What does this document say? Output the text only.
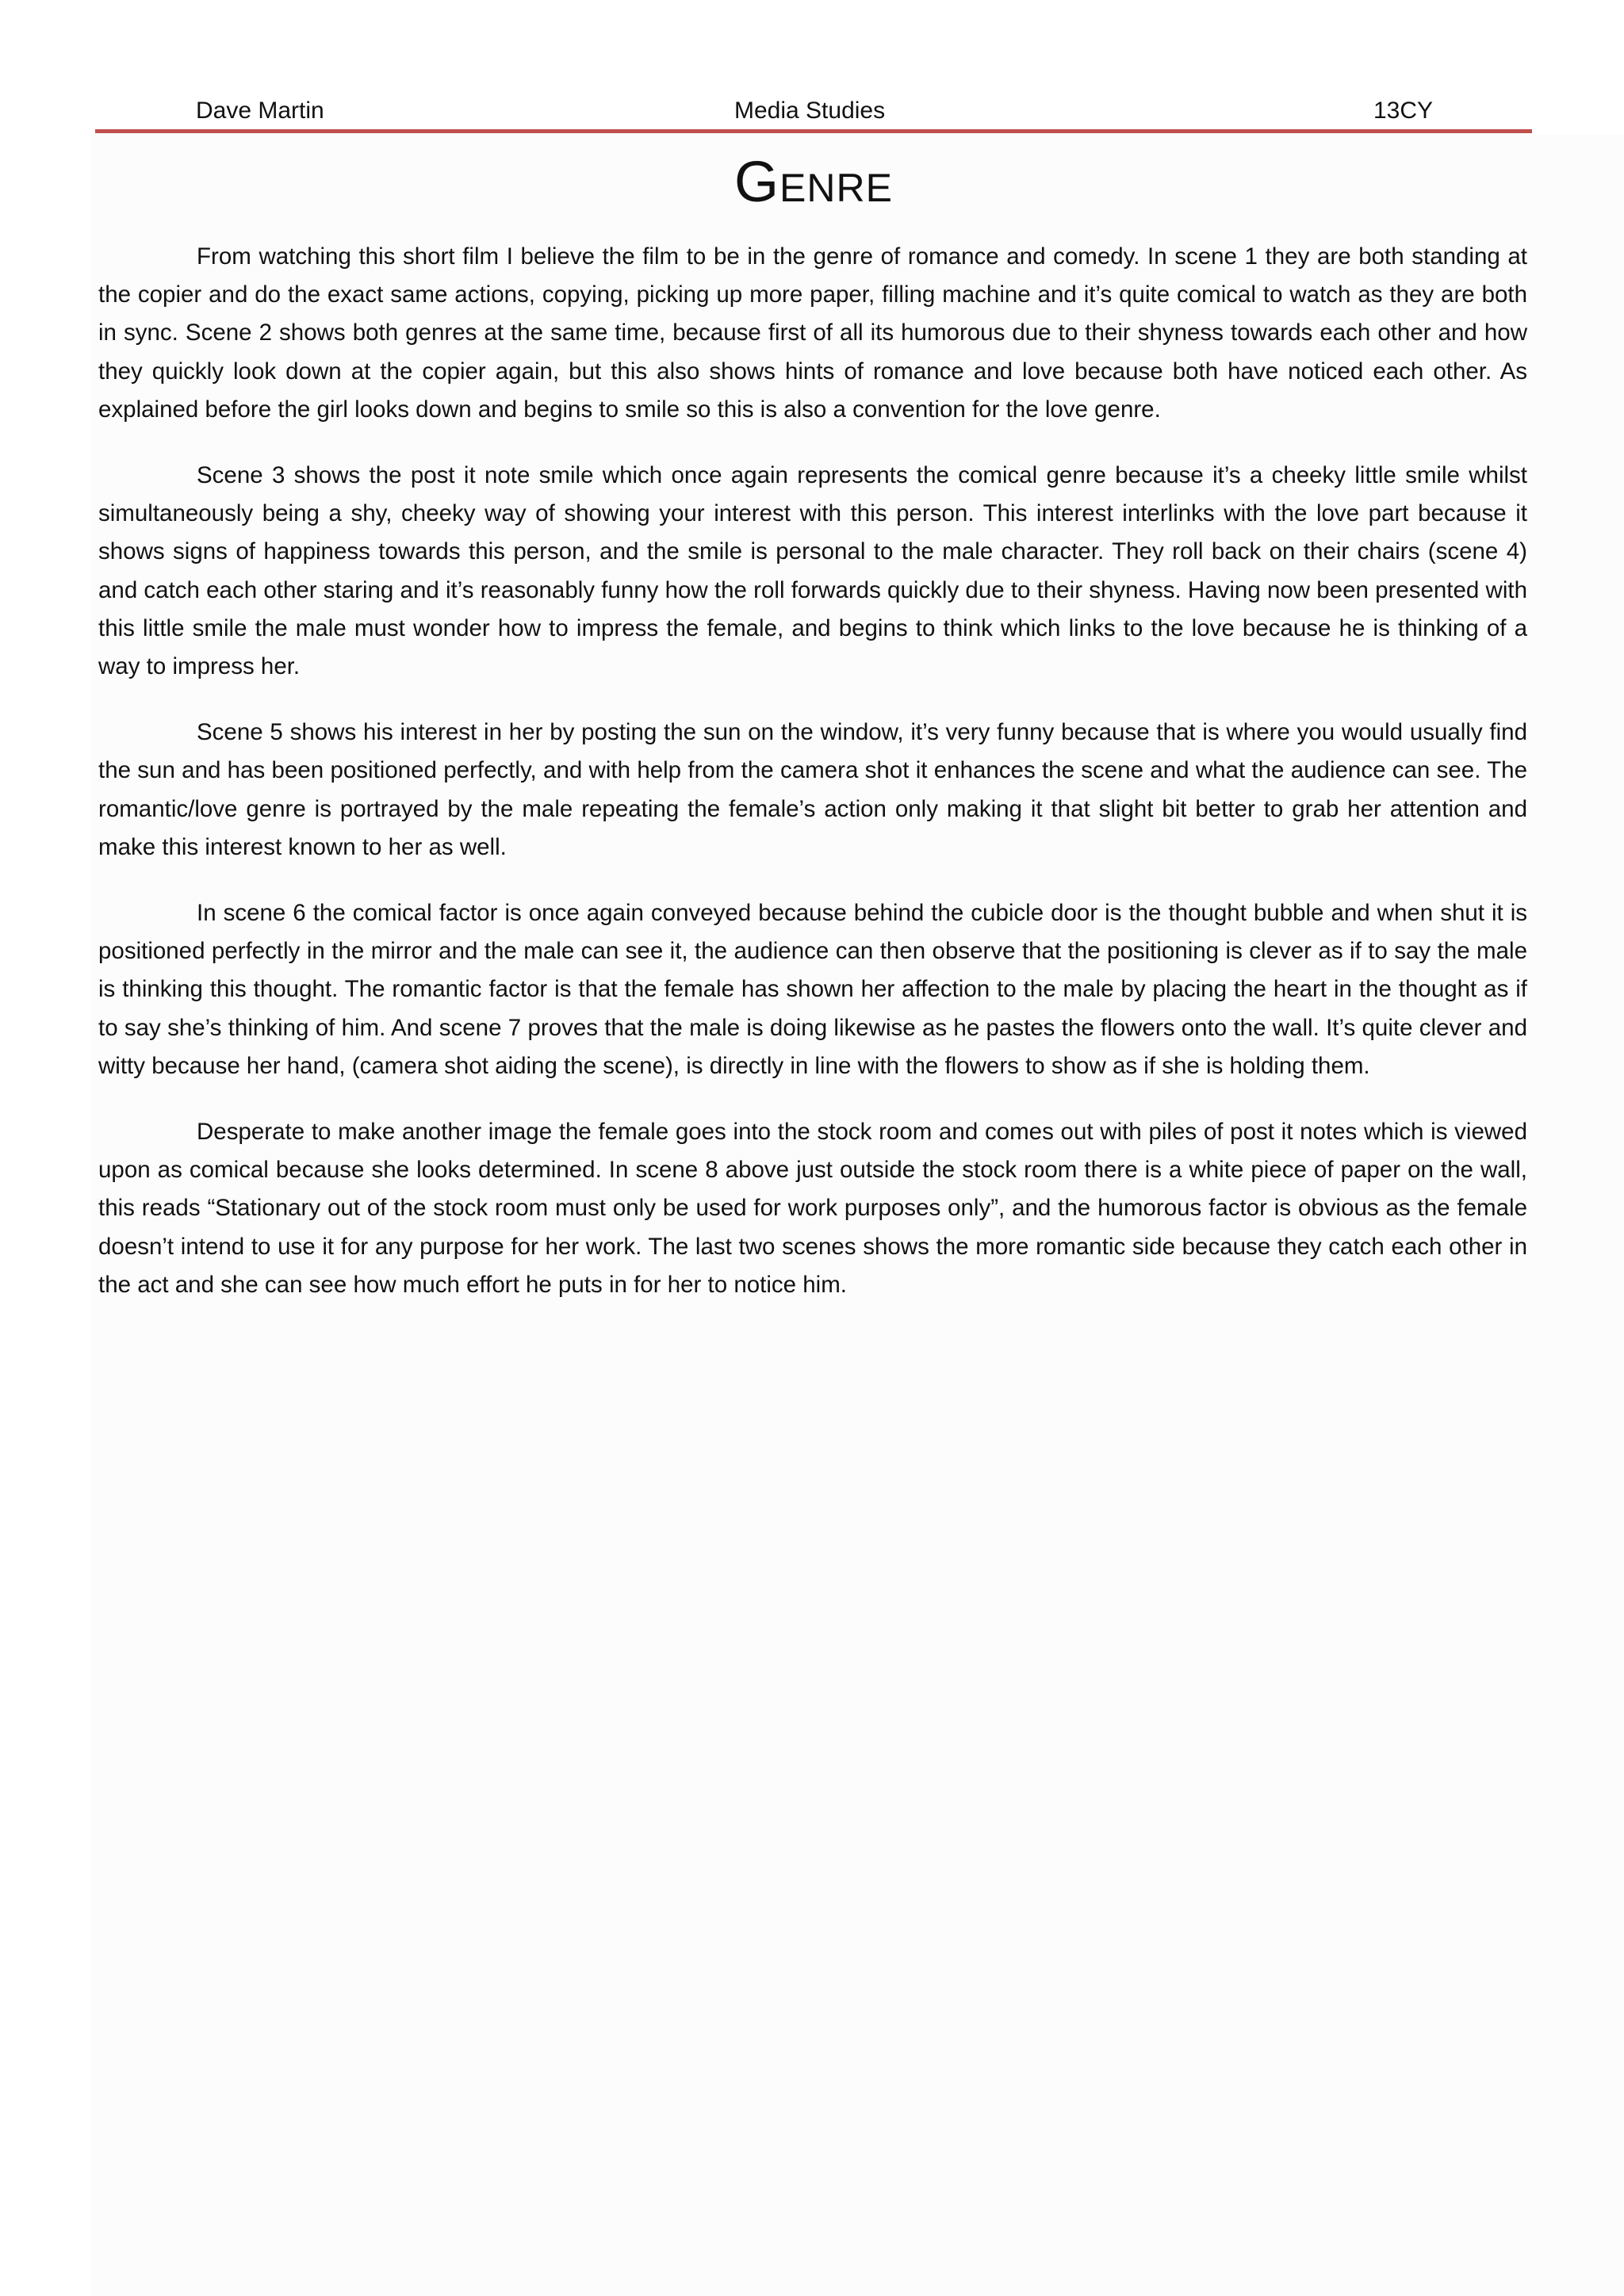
Dave Martin	Media Studies	13CY
Genre

From watching this short film I believe the film to be in the genre of romance and comedy. In scene 1 they are both standing at the copier and do the exact same actions, copying, picking up more paper, filling machine and it’s quite comical to watch as they are both in sync. Scene 2 shows both genres at the same time, because first of all its humorous due to their shyness towards each other and how they quickly look down at the copier again, but this also shows hints of romance and love because both have noticed each other. As explained before the girl looks down and begins to smile so this is also a convention for the love genre.

Scene 3 shows the post it note smile which once again represents the comical genre because it’s a cheeky little smile whilst simultaneously being a shy, cheeky way of showing your interest with this person. This interest interlinks with the love part because it shows signs of happiness towards this person, and the smile is personal to the male character. They roll back on their chairs (scene 4) and catch each other staring and it’s reasonably funny how the roll forwards quickly due to their shyness. Having now been presented with this little smile the male must wonder how to impress the female, and begins to think which links to the love because he is thinking of a way to impress her.

Scene 5 shows his interest in her by posting the sun on the window, it’s very funny because that is where you would usually find the sun and has been positioned perfectly, and with help from the camera shot it enhances the scene and what the audience can see. The romantic/love genre is portrayed by the male repeating the female’s action only making it that slight bit better to grab her attention and make this interest known to her as well.

In scene 6 the comical factor is once again conveyed because behind the cubicle door is the thought bubble and when shut it is positioned perfectly in the mirror and the male can see it, the audience can then observe that the positioning is clever as if to say the male is thinking this thought. The romantic factor is that the female has shown her affection to the male by placing the heart in the thought as if to say she’s thinking of him. And scene 7 proves that the male is doing likewise as he pastes the flowers onto the wall. It’s quite clever and witty because her hand, (camera shot aiding the scene), is directly in line with the flowers to show as if she is holding them.

Desperate to make another image the female goes into the stock room and comes out with piles of post it notes which is viewed upon as comical because she looks determined. In scene 8 above just outside the stock room there is a white piece of paper on the wall, this reads “Stationary out of the stock room must only be used for work purposes only”, and the humorous factor is obvious as the female doesn’t intend to use it for any purpose for her work. The last two scenes shows the more romantic side because they catch each other in the act and she can see how much effort he puts in for her to notice him.
